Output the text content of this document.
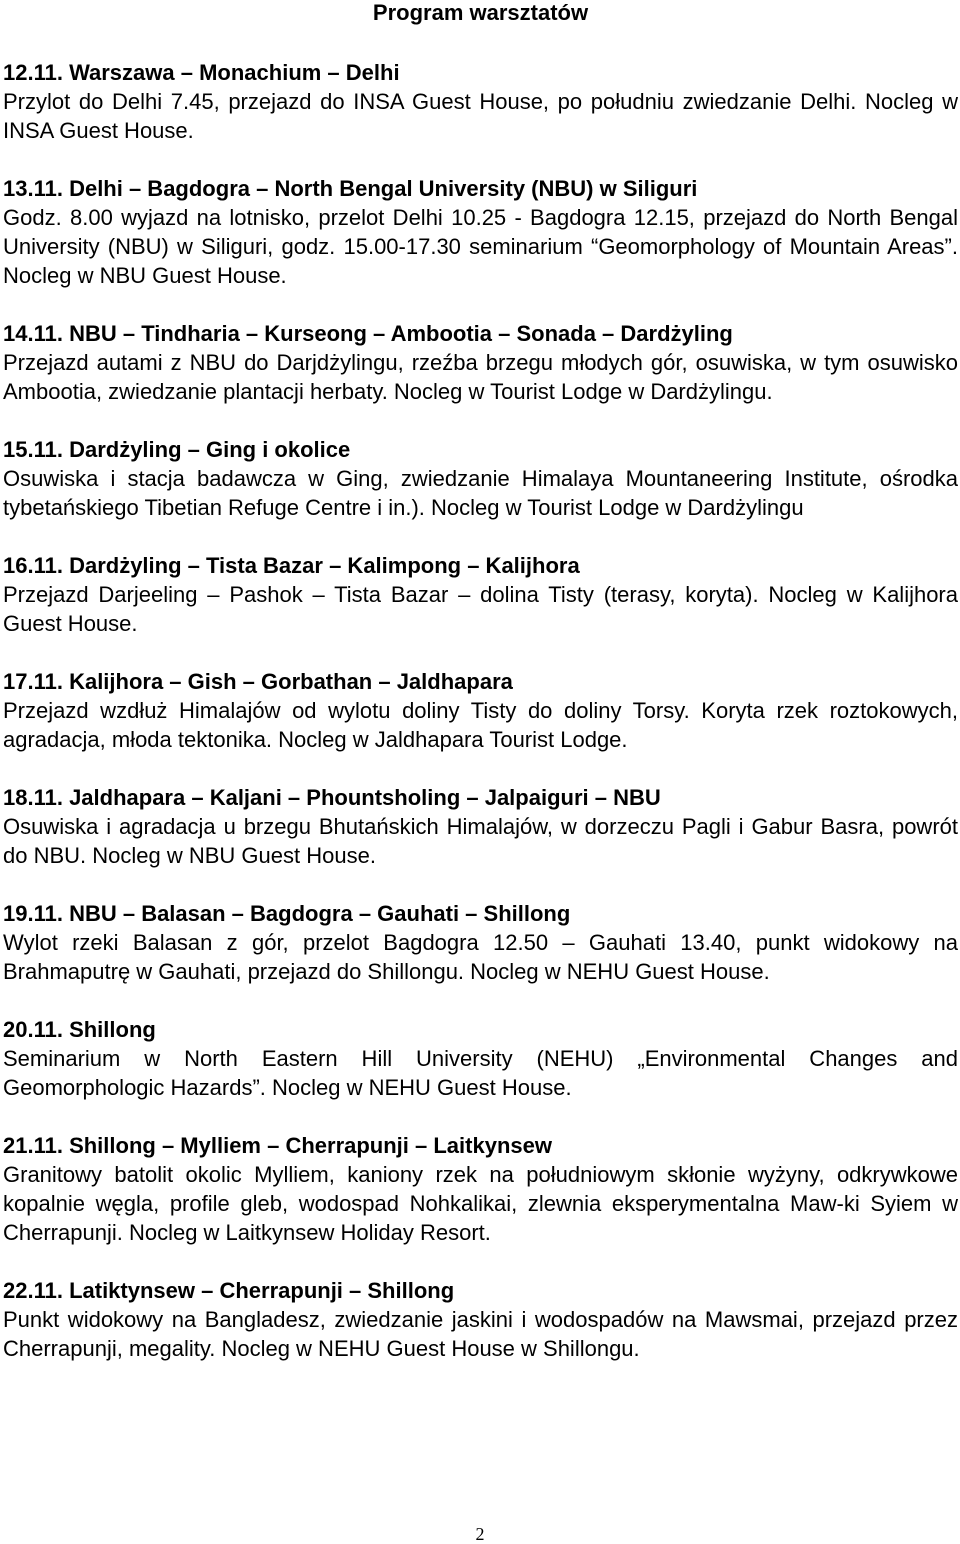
Program warsztatów

12.11. Warszawa – Monachium – Delhi

Przylot do Delhi 7.45, przejazd do INSA Guest House, po południu zwiedzanie Delhi. Nocleg w INSA Guest House.

13.11. Delhi – Bagdogra – North Bengal University (NBU) w Siliguri

Godz. 8.00 wyjazd na lotnisko, przelot Delhi 10.25 - Bagdogra 12.15, przejazd do North Bengal University (NBU) w Siliguri, godz. 15.00-17.30 seminarium “Geomorphology of Mountain Areas”. Nocleg w NBU Guest House.

14.11. NBU – Tindharia – Kurseong – Ambootia – Sonada – Dardżyling

Przejazd autami z NBU do Darjdżylingu, rzeźba brzegu młodych gór, osuwiska, w tym osuwisko Ambootia, zwiedzanie plantacji herbaty. Nocleg w Tourist Lodge w Dardżylingu.

15.11. Dardżyling – Ging i okolice

Osuwiska i stacja badawcza w Ging, zwiedzanie Himalaya Mountaneering Institute, ośrodka tybetańskiego Tibetian Refuge Centre i in.). Nocleg w Tourist Lodge w Dardżylingu

16.11. Dardżyling – Tista Bazar – Kalimpong – Kalijhora

Przejazd Darjeeling – Pashok – Tista Bazar – dolina Tisty (terasy, koryta). Nocleg w Kalijhora Guest House.

17.11. Kalijhora – Gish – Gorbathan – Jaldhapara

Przejazd wzdłuż Himalajów od wylotu doliny Tisty do doliny Torsy. Koryta rzek roztokowych, agradacja, młoda tektonika. Nocleg w Jaldhapara Tourist Lodge.

18.11. Jaldhapara – Kaljani – Phountsholing – Jalpaiguri – NBU

Osuwiska i agradacja u brzegu Bhutańskich Himalajów, w dorzeczu Pagli i Gabur Basra, powrót do NBU. Nocleg w NBU Guest House.

19.11. NBU – Balasan – Bagdogra – Gauhati – Shillong

Wylot rzeki Balasan z gór, przelot Bagdogra 12.50 – Gauhati 13.40, punkt widokowy na Brahmaputrę w Gauhati, przejazd do Shillongu. Nocleg w NEHU Guest House.

20.11. Shillong

Seminarium w North Eastern Hill University (NEHU) „Environmental Changes and Geomorphologic Hazards”. Nocleg w NEHU Guest House.

21.11. Shillong – Mylliem – Cherrapunji – Laitkynsew

Granitowy batolit okolic Mylliem, kaniony rzek na południowym skłonie wyżyny, odkrywkowe kopalnie węgla, profile gleb, wodospad Nohkalikai, zlewnia eksperymentalna Maw-ki Syiem w Cherrapunji. Nocleg w Laitkynsew Holiday Resort.

22.11. Latiktynsew – Cherrapunji – Shillong

Punkt widokowy na Bangladesz, zwiedzanie jaskini i wodospadów na Mawsmai, przejazd przez Cherrapunji, megality. Nocleg w NEHU Guest House w Shillongu.

2
